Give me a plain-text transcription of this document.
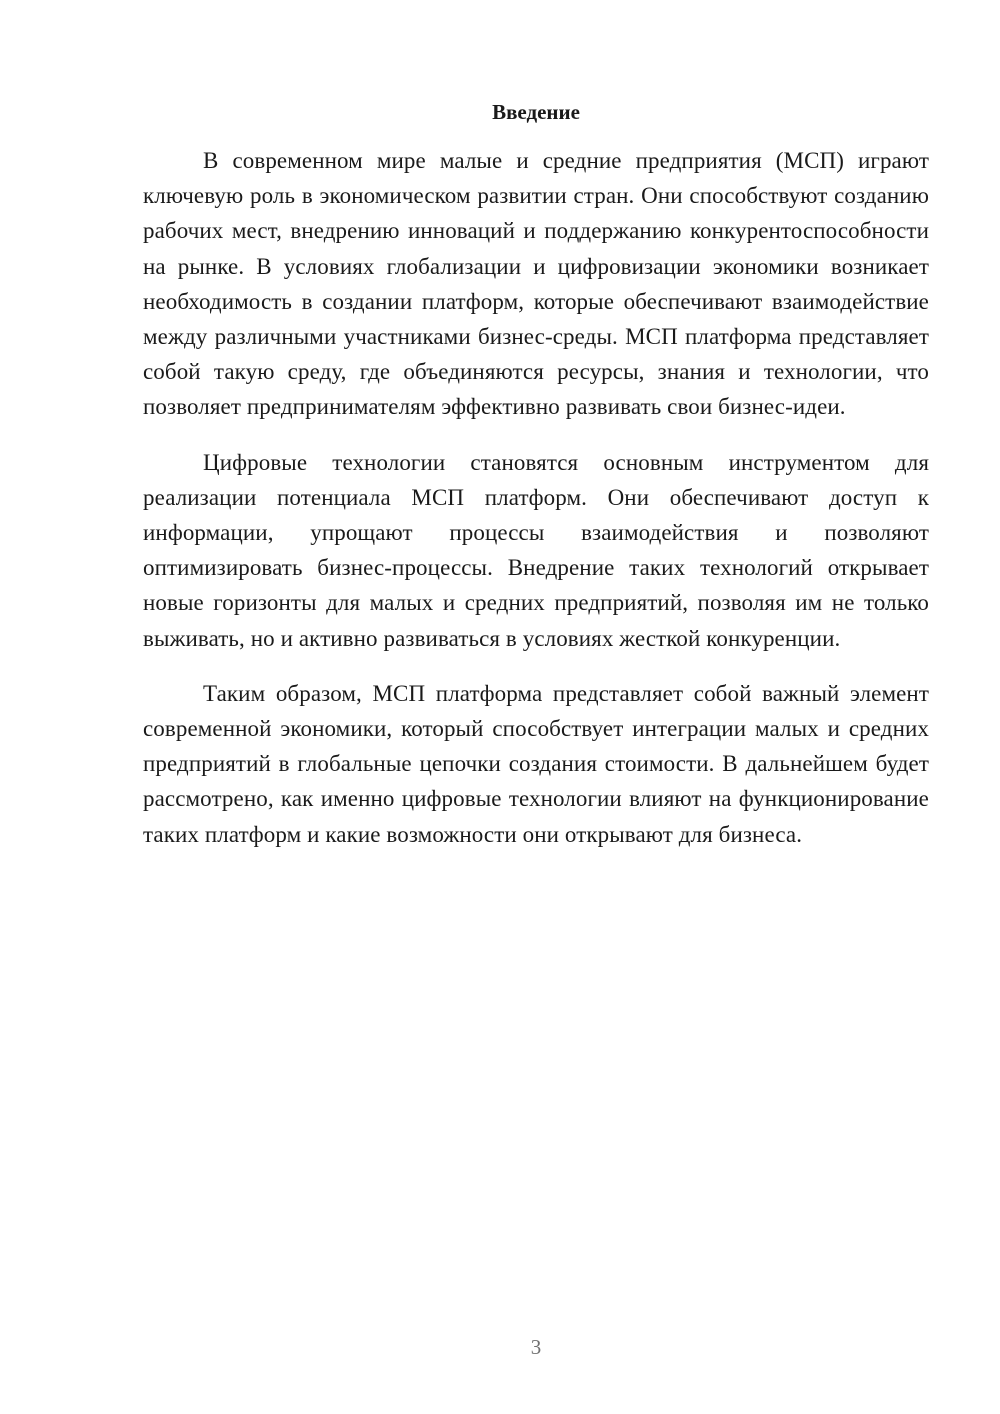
Введение

В современном мире малые и средние предприятия (МСП) играют ключевую роль в экономическом развитии стран. Они способствуют созданию рабочих мест, внедрению инноваций и поддержанию конкурентоспособности на рынке. В условиях глобализации и цифровизации экономики возникает необходимость в создании платформ, которые обеспечивают взаимодействие между различными участниками бизнес-среды. МСП платформа представляет собой такую среду, где объединяются ресурсы, знания и технологии, что позволяет предпринимателям эффективно развивать свои бизнес-идеи.

Цифровые технологии становятся основным инструментом для реализации потенциала МСП платформ. Они обеспечивают доступ к информации, упрощают процессы взаимодействия и позволяют оптимизировать бизнес-процессы. Внедрение таких технологий открывает новые горизонты для малых и средних предприятий, позволяя им не только выживать, но и активно развиваться в условиях жесткой конкуренции.

Таким образом, МСП платформа представляет собой важный элемент современной экономики, который способствует интеграции малых и средних предприятий в глобальные цепочки создания стоимости. В дальнейшем будет рассмотрено, как именно цифровые технологии влияют на функционирование таких платформ и какие возможности они открывают для бизнеса.

3
